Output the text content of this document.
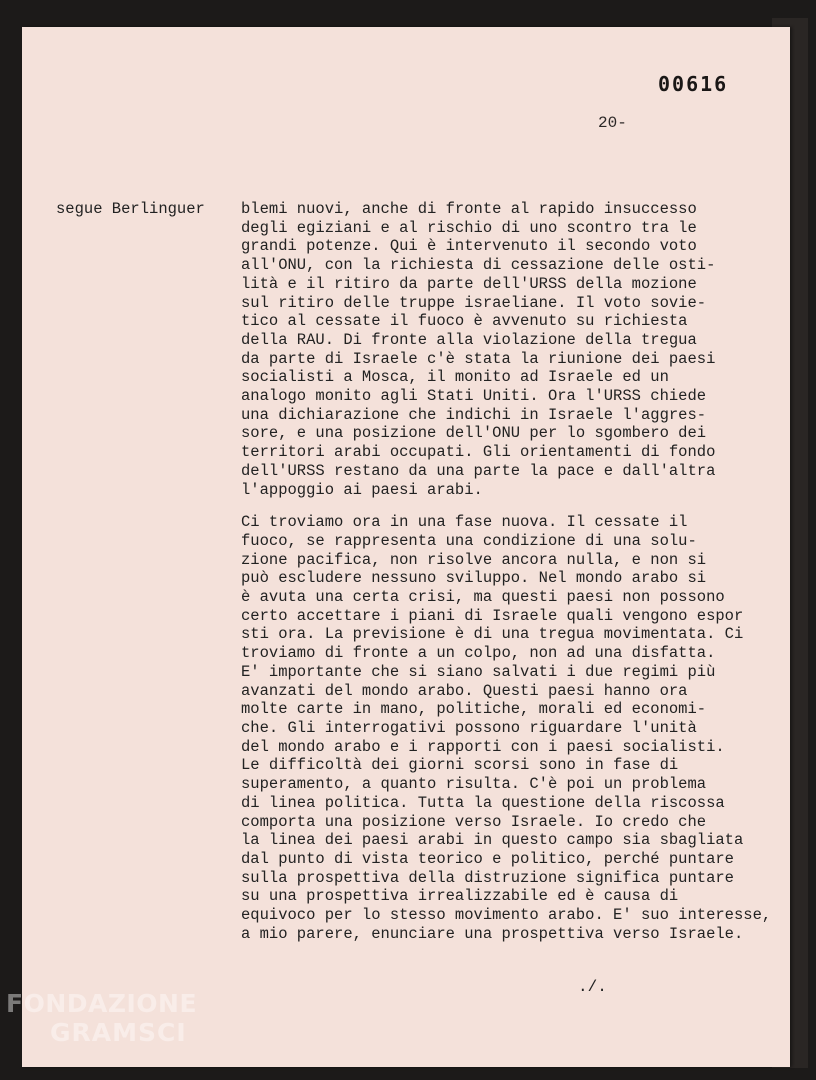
00616
20-
segue Berlinguer blemi nuovi, anche di fronte al rapido insuccesso
degli egiziani e al rischio di uno scontro tra le
grandi potenze. Qui è intervenuto il secondo voto
all'ONU, con la richiesta di cessazione delle osti-
lità e il ritiro da parte dell'URSS della mozione
sul ritiro delle truppe israeliane. Il voto sovie-
tico al cessate il fuoco è avvenuto su richiesta
della RAU. Di fronte alla violazione della tregua
da parte di Israele c'è stata la riunione dei paesi
socialisti a Mosca, il monito ad Israele ed un
analogo monito agli Stati Uniti. Ora l'URSS chiede
una dichiarazione che indichi in Israele l'aggres-
sore, e una posizione dell'ONU per lo sgombero dei
territori arabi occupati. Gli orientamenti di fondo
dell'URSS restano da una parte la pace e dall'altra
l'appoggio ai paesi arabi.
Ci troviamo ora in una fase nuova. Il cessate il
fuoco, se rappresenta una condizione di una solu-
zione pacifica, non risolve ancora nulla, e non si
può escludere nessuno sviluppo. Nel mondo arabo si
è avuta una certa crisi, ma questi paesi non possono
certo accettare i piani di Israele quali vengono espor
sti ora. La previsione è di una tregua movimentata. Ci
troviamo di fronte a un colpo, non ad una disfatta.
E' importante che si siano salvati i due regimi più
avanzati del mondo arabo. Questi paesi hanno ora
molte carte in mano, politiche, morali ed economi-
che. Gli interrogativi possono riguardare l'unità
del mondo arabo e i rapporti con i paesi socialisti.
Le difficoltà dei giorni scorsi sono in fase di
superamento, a quanto risulta. C'è poi un problema
di linea politica. Tutta la questione della riscossa
comporta una posizione verso Israele. Io credo che
la linea dei paesi arabi in questo campo sia sbagliata
dal punto di vista teorico e politico, perché puntare
sulla prospettiva della distruzione significa puntare
su una prospettiva irrealizzabile ed è causa di
equivoco per lo stesso movimento arabo. E' suo interesse,
a mio parere, enunciare una prospettiva verso Israele.
./.
FONDAZIONE
GRAMSCI
